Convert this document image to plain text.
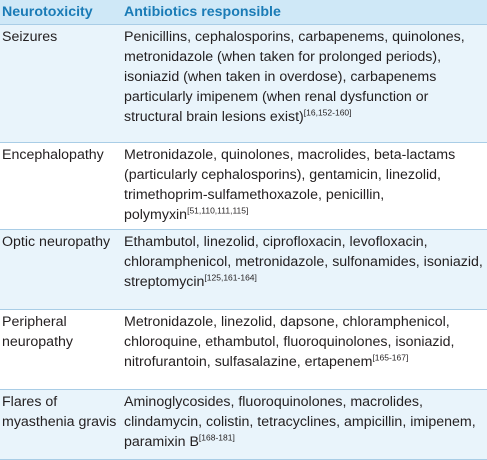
Neurotoxicity	Antibiotics responsible
Seizures	Penicillins, cephalosporins, carbapenems, quinolones, metronidazole (when taken for prolonged periods), isoniazid (when taken in overdose), carbapenems particularly imipenem (when renal dysfunction or structural brain lesions exist)[16,152-160]
Encephalopathy	Metronidazole, quinolones, macrolides, beta-lactams (particularly cephalosporins), gentamicin, linezolid, trimethoprim-sulfamethoxazole, penicillin, polymyxin[51,110,111,115]
Optic neuropathy	Ethambutol, linezolid, ciprofloxacin, levofloxacin, chloramphenicol, metronidazole, sulfonamides, isoniazid, streptomycin[125,161-164]
Peripheral neuropathy	Metronidazole, linezolid, dapsone, chloramphenicol, chloroquine, ethambutol, fluoroquinolones, isoniazid, nitrofurantoin, sulfasalazine, ertapenem[165-167]
Flares of myasthenia gravis	Aminoglycosides, fluoroquinolones, macrolides, clindamycin, colistin, tetracyclines, ampicillin, imipenem, paramixin B[168-181]
